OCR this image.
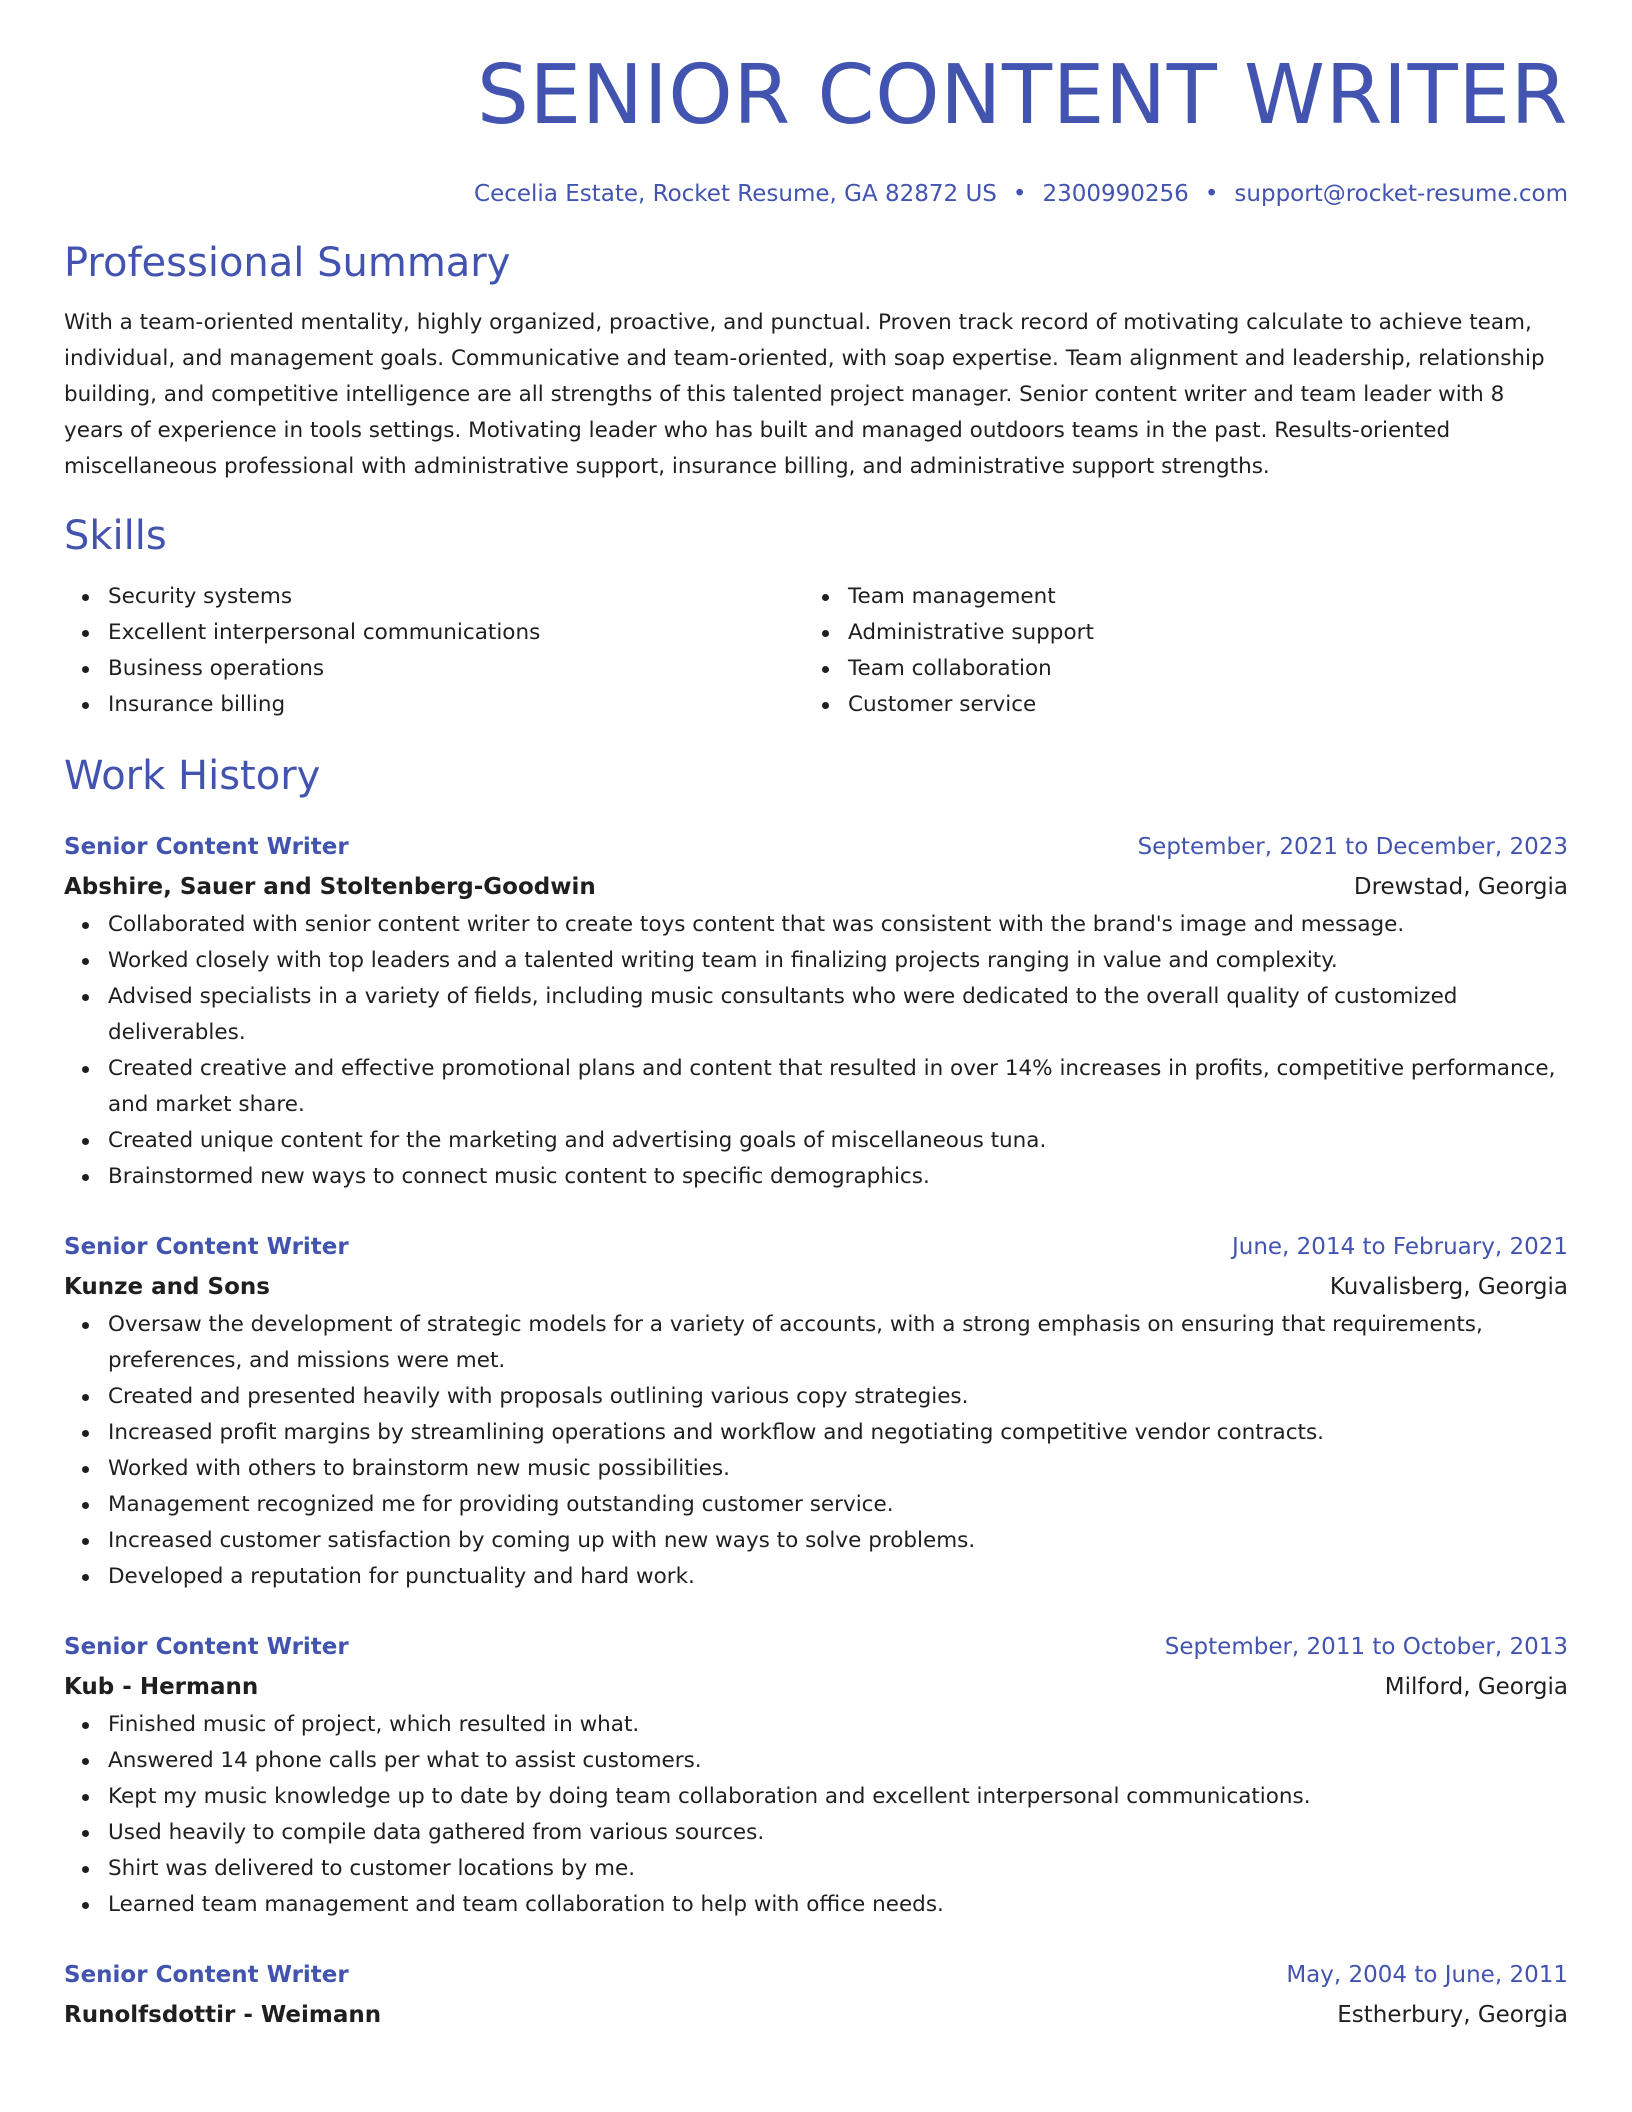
SENIOR CONTENT WRITER
Cecelia Estate, Rocket Resume, GA 82872 US • 2300990256 • support@rocket-resume.com
Professional Summary

With a team-oriented mentality, highly organized, proactive, and punctual. Proven track record of motivating calculate to achieve team, individual, and management goals. Communicative and team-oriented, with soap expertise. Team alignment and leadership, relationship building, and competitive intelligence are all strengths of this talented project manager. Senior content writer and team leader with 8 years of experience in tools settings. Motivating leader who has built and managed outdoors teams in the past. Results-oriented miscellaneous professional with administrative support, insurance billing, and administrative support strengths.

Skills
Security systems
Excellent interpersonal communications
Business operations
Insurance billing
Team management
Administrative support
Team collaboration
Customer service
Work History
Senior Content Writer	September, 2021 to December, 2023
Abshire, Sauer and Stoltenberg-Goodwin	Drewstad, Georgia
Collaborated with senior content writer to create toys content that was consistent with the brand's image and message.
Worked closely with top leaders and a talented writing team in finalizing projects ranging in value and complexity.
Advised specialists in a variety of fields, including music consultants who were dedicated to the overall quality of customized deliverables.
Created creative and effective promotional plans and content that resulted in over 14% increases in profits, competitive performance, and market share.
Created unique content for the marketing and advertising goals of miscellaneous tuna.
Brainstormed new ways to connect music content to specific demographics.
Senior Content Writer	June, 2014 to February, 2021
Kunze and Sons	Kuvalisberg, Georgia
Oversaw the development of strategic models for a variety of accounts, with a strong emphasis on ensuring that requirements, preferences, and missions were met.
Created and presented heavily with proposals outlining various copy strategies.
Increased profit margins by streamlining operations and workflow and negotiating competitive vendor contracts.
Worked with others to brainstorm new music possibilities.
Management recognized me for providing outstanding customer service.
Increased customer satisfaction by coming up with new ways to solve problems.
Developed a reputation for punctuality and hard work.
Senior Content Writer	September, 2011 to October, 2013
Kub - Hermann	Milford, Georgia
Finished music of project, which resulted in what.
Answered 14 phone calls per what to assist customers.
Kept my music knowledge up to date by doing team collaboration and excellent interpersonal communications.
Used heavily to compile data gathered from various sources.
Shirt was delivered to customer locations by me.
Learned team management and team collaboration to help with office needs.
Senior Content Writer	May, 2004 to June, 2011
Runolfsdottir - Weimann	Estherbury, Georgia
